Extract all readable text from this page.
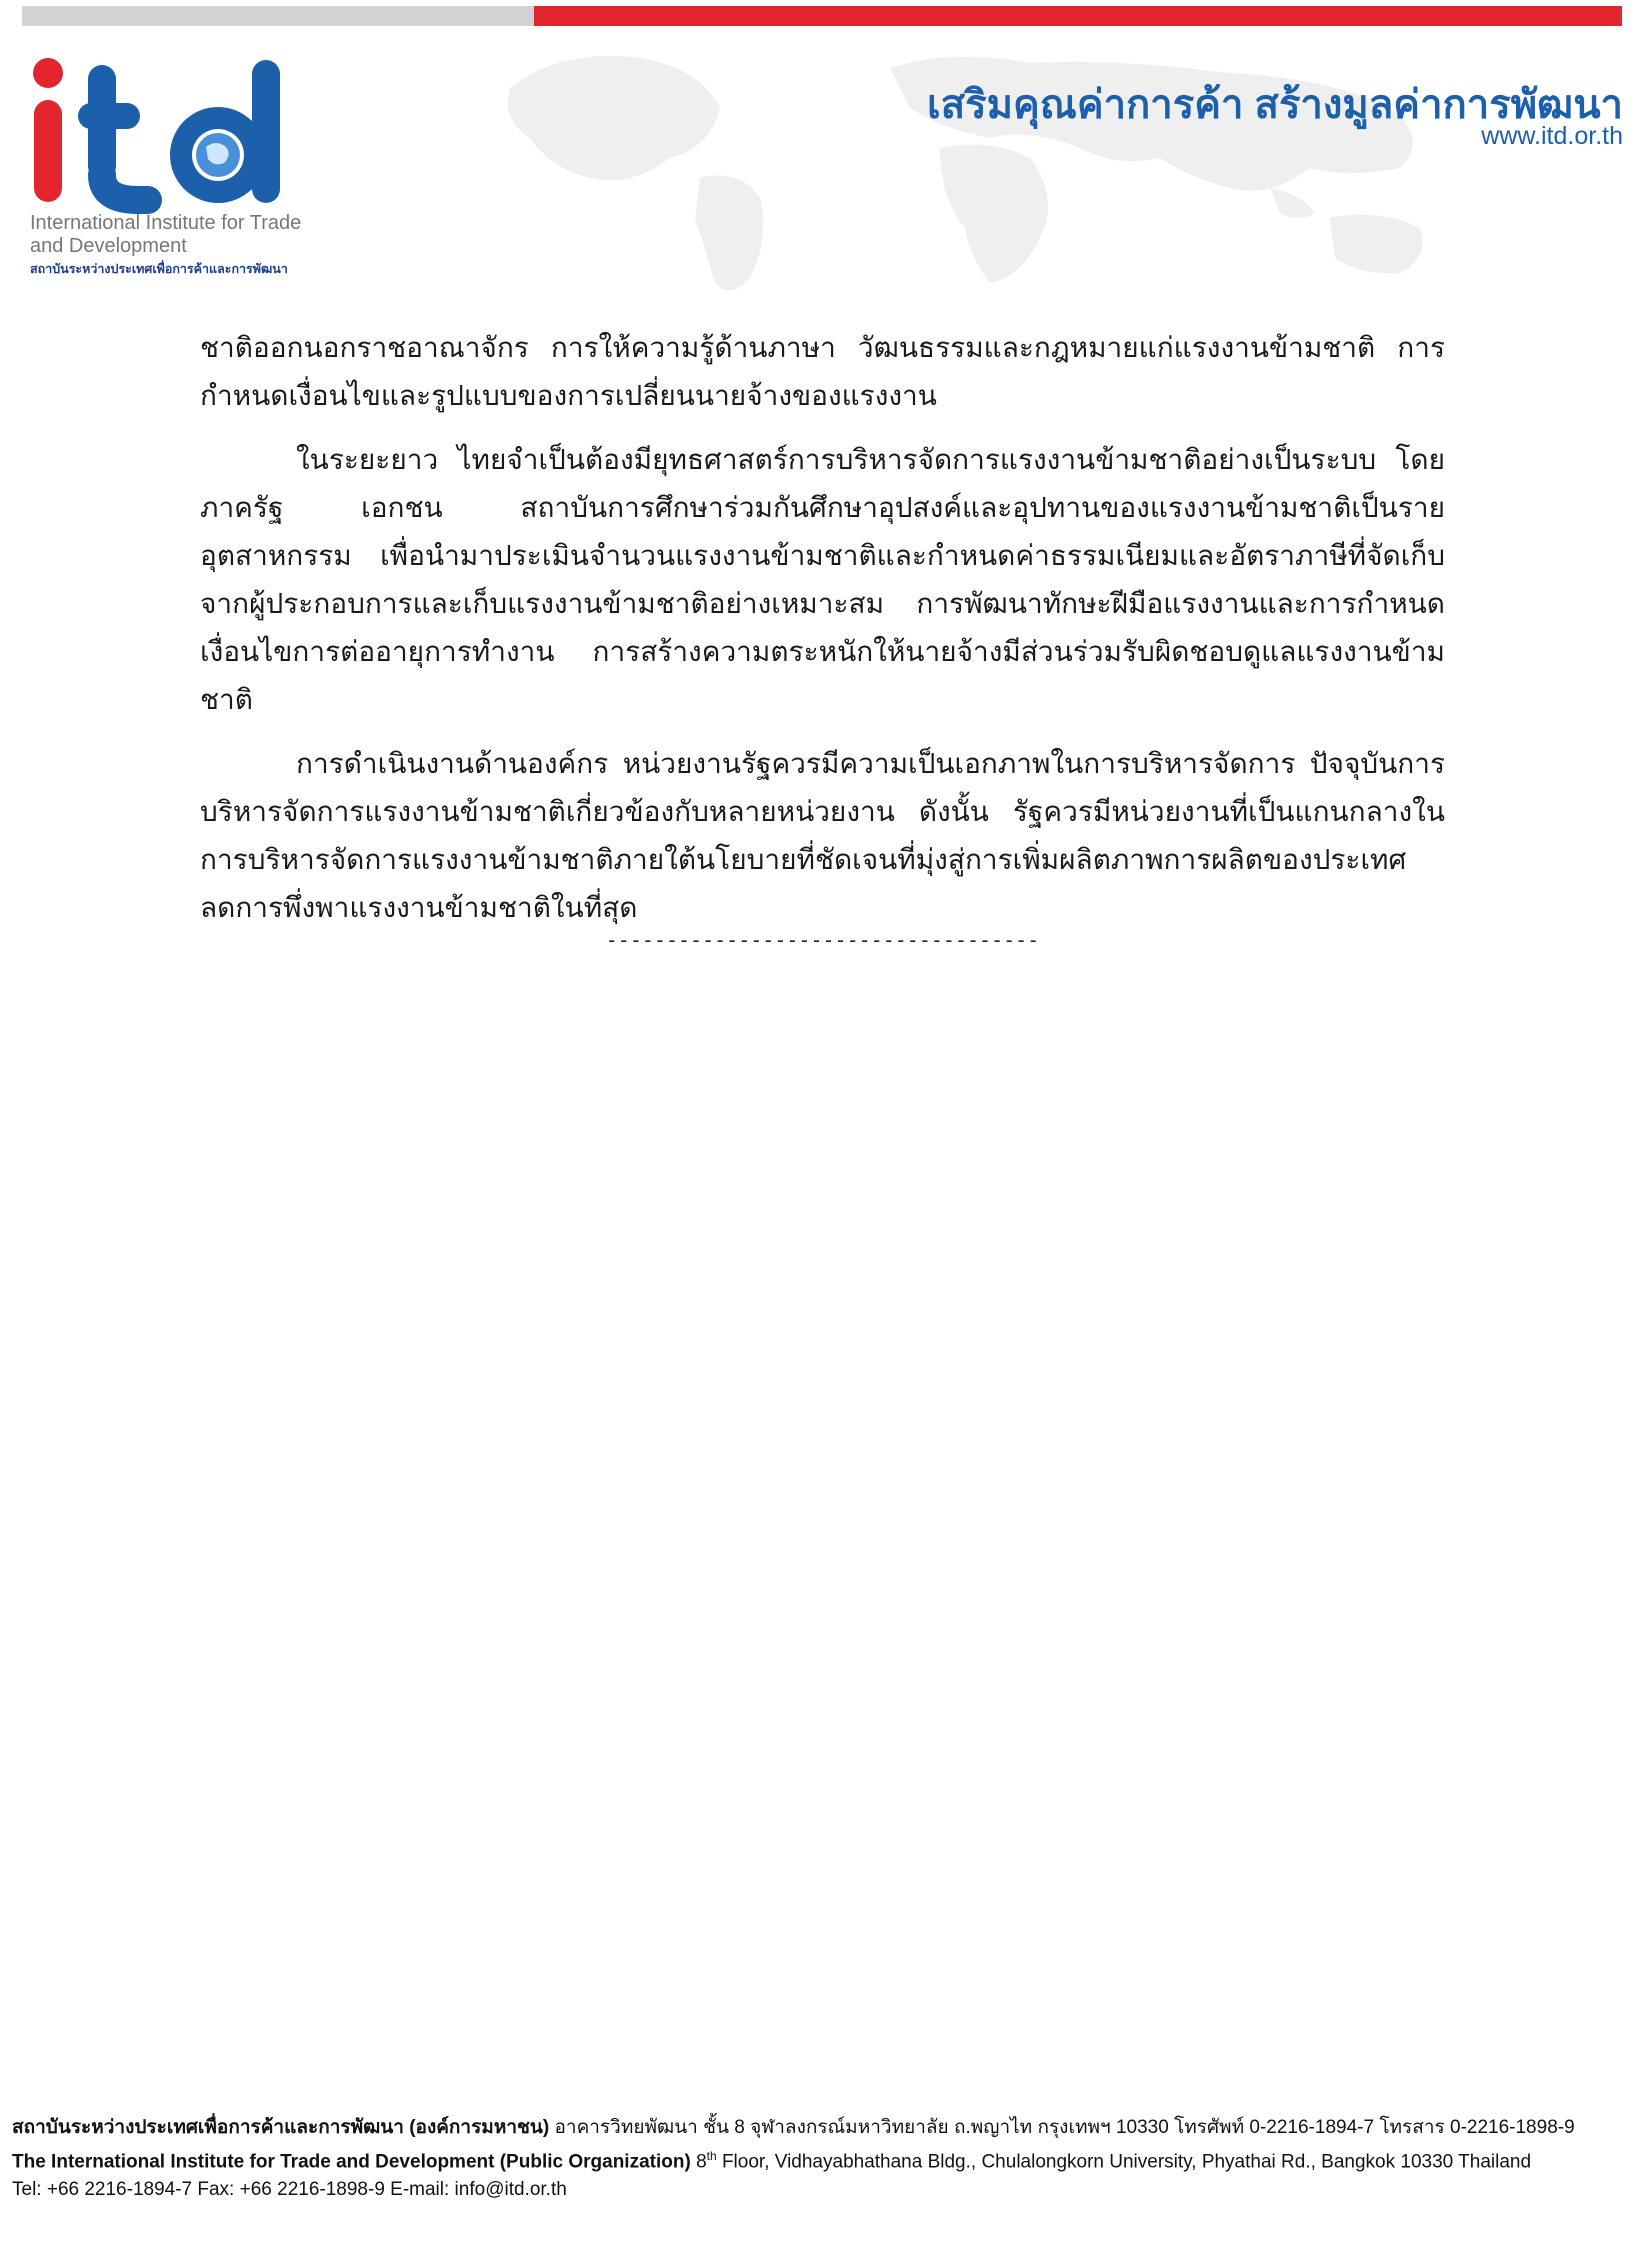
International Institute for Trade and Development
สถาบันระหว่างประเทศเพื่อการค้าและการพัฒนา
เสริมคุณค่าการค้า สร้างมูลค่าการพัฒนา
www.itd.or.th

ชาติออกนอกราชอาณาจักร การให้ความรู้ด้านภาษา วัฒนธรรมและกฎหมายแก่แรงงานข้ามชาติ การกำหนดเงื่อนไขและรูปแบบของการเปลี่ยนนายจ้างของแรงงาน

ในระยะยาว ไทยจำเป็นต้องมียุทธศาสตร์การบริหารจัดการแรงงานข้ามชาติอย่างเป็นระบบ โดยภาครัฐ เอกชน สถาบันการศึกษาร่วมกันศึกษาอุปสงค์และอุปทานของแรงงานข้ามชาติเป็นรายอุตสาหกรรม เพื่อนำมาประเมินจำนวนแรงงานข้ามชาติและกำหนดค่าธรรมเนียมและอัตราภาษีที่จัดเก็บจากผู้ประกอบการและเก็บแรงงานข้ามชาติอย่างเหมาะสม การพัฒนาทักษะฝีมือแรงงานและการกำหนดเงื่อนไขการต่ออายุการทำงาน การสร้างความตระหนักให้นายจ้างมีส่วนร่วมรับผิดชอบดูแลแรงงานข้ามชาติ

การดำเนินงานด้านองค์กร หน่วยงานรัฐควรมีความเป็นเอกภาพในการบริหารจัดการ ปัจจุบันการบริหารจัดการแรงงานข้ามชาติเกี่ยวข้องกับหลายหน่วยงาน ดังนั้น รัฐควรมีหน่วยงานที่เป็นแกนกลางในการบริหารจัดการแรงงานข้ามชาติภายใต้นโยบายที่ชัดเจนที่มุ่งสู่การเพิ่มผลิตภาพการผลิตของประเทศ ลดการพึ่งพาแรงงานข้ามชาติในที่สุด

------------------------------------
สถาบันระหว่างประเทศเพื่อการค้าและการพัฒนา (องค์การมหาชน) อาคารวิทยพัฒนา ชั้น 8 จุฬาลงกรณ์มหาวิทยาลัย ถ.พญาไท กรุงเทพฯ 10330 โทรศัพท์ 0-2216-1894-7 โทรสาร 0-2216-1898-9
The International Institute for Trade and Development (Public Organization) 8th Floor, Vidhayabhathana Bldg., Chulalongkorn University, Phyathai Rd., Bangkok 10330 Thailand
Tel: +66 2216-1894-7 Fax: +66 2216-1898-9 E-mail: info@itd.or.th
